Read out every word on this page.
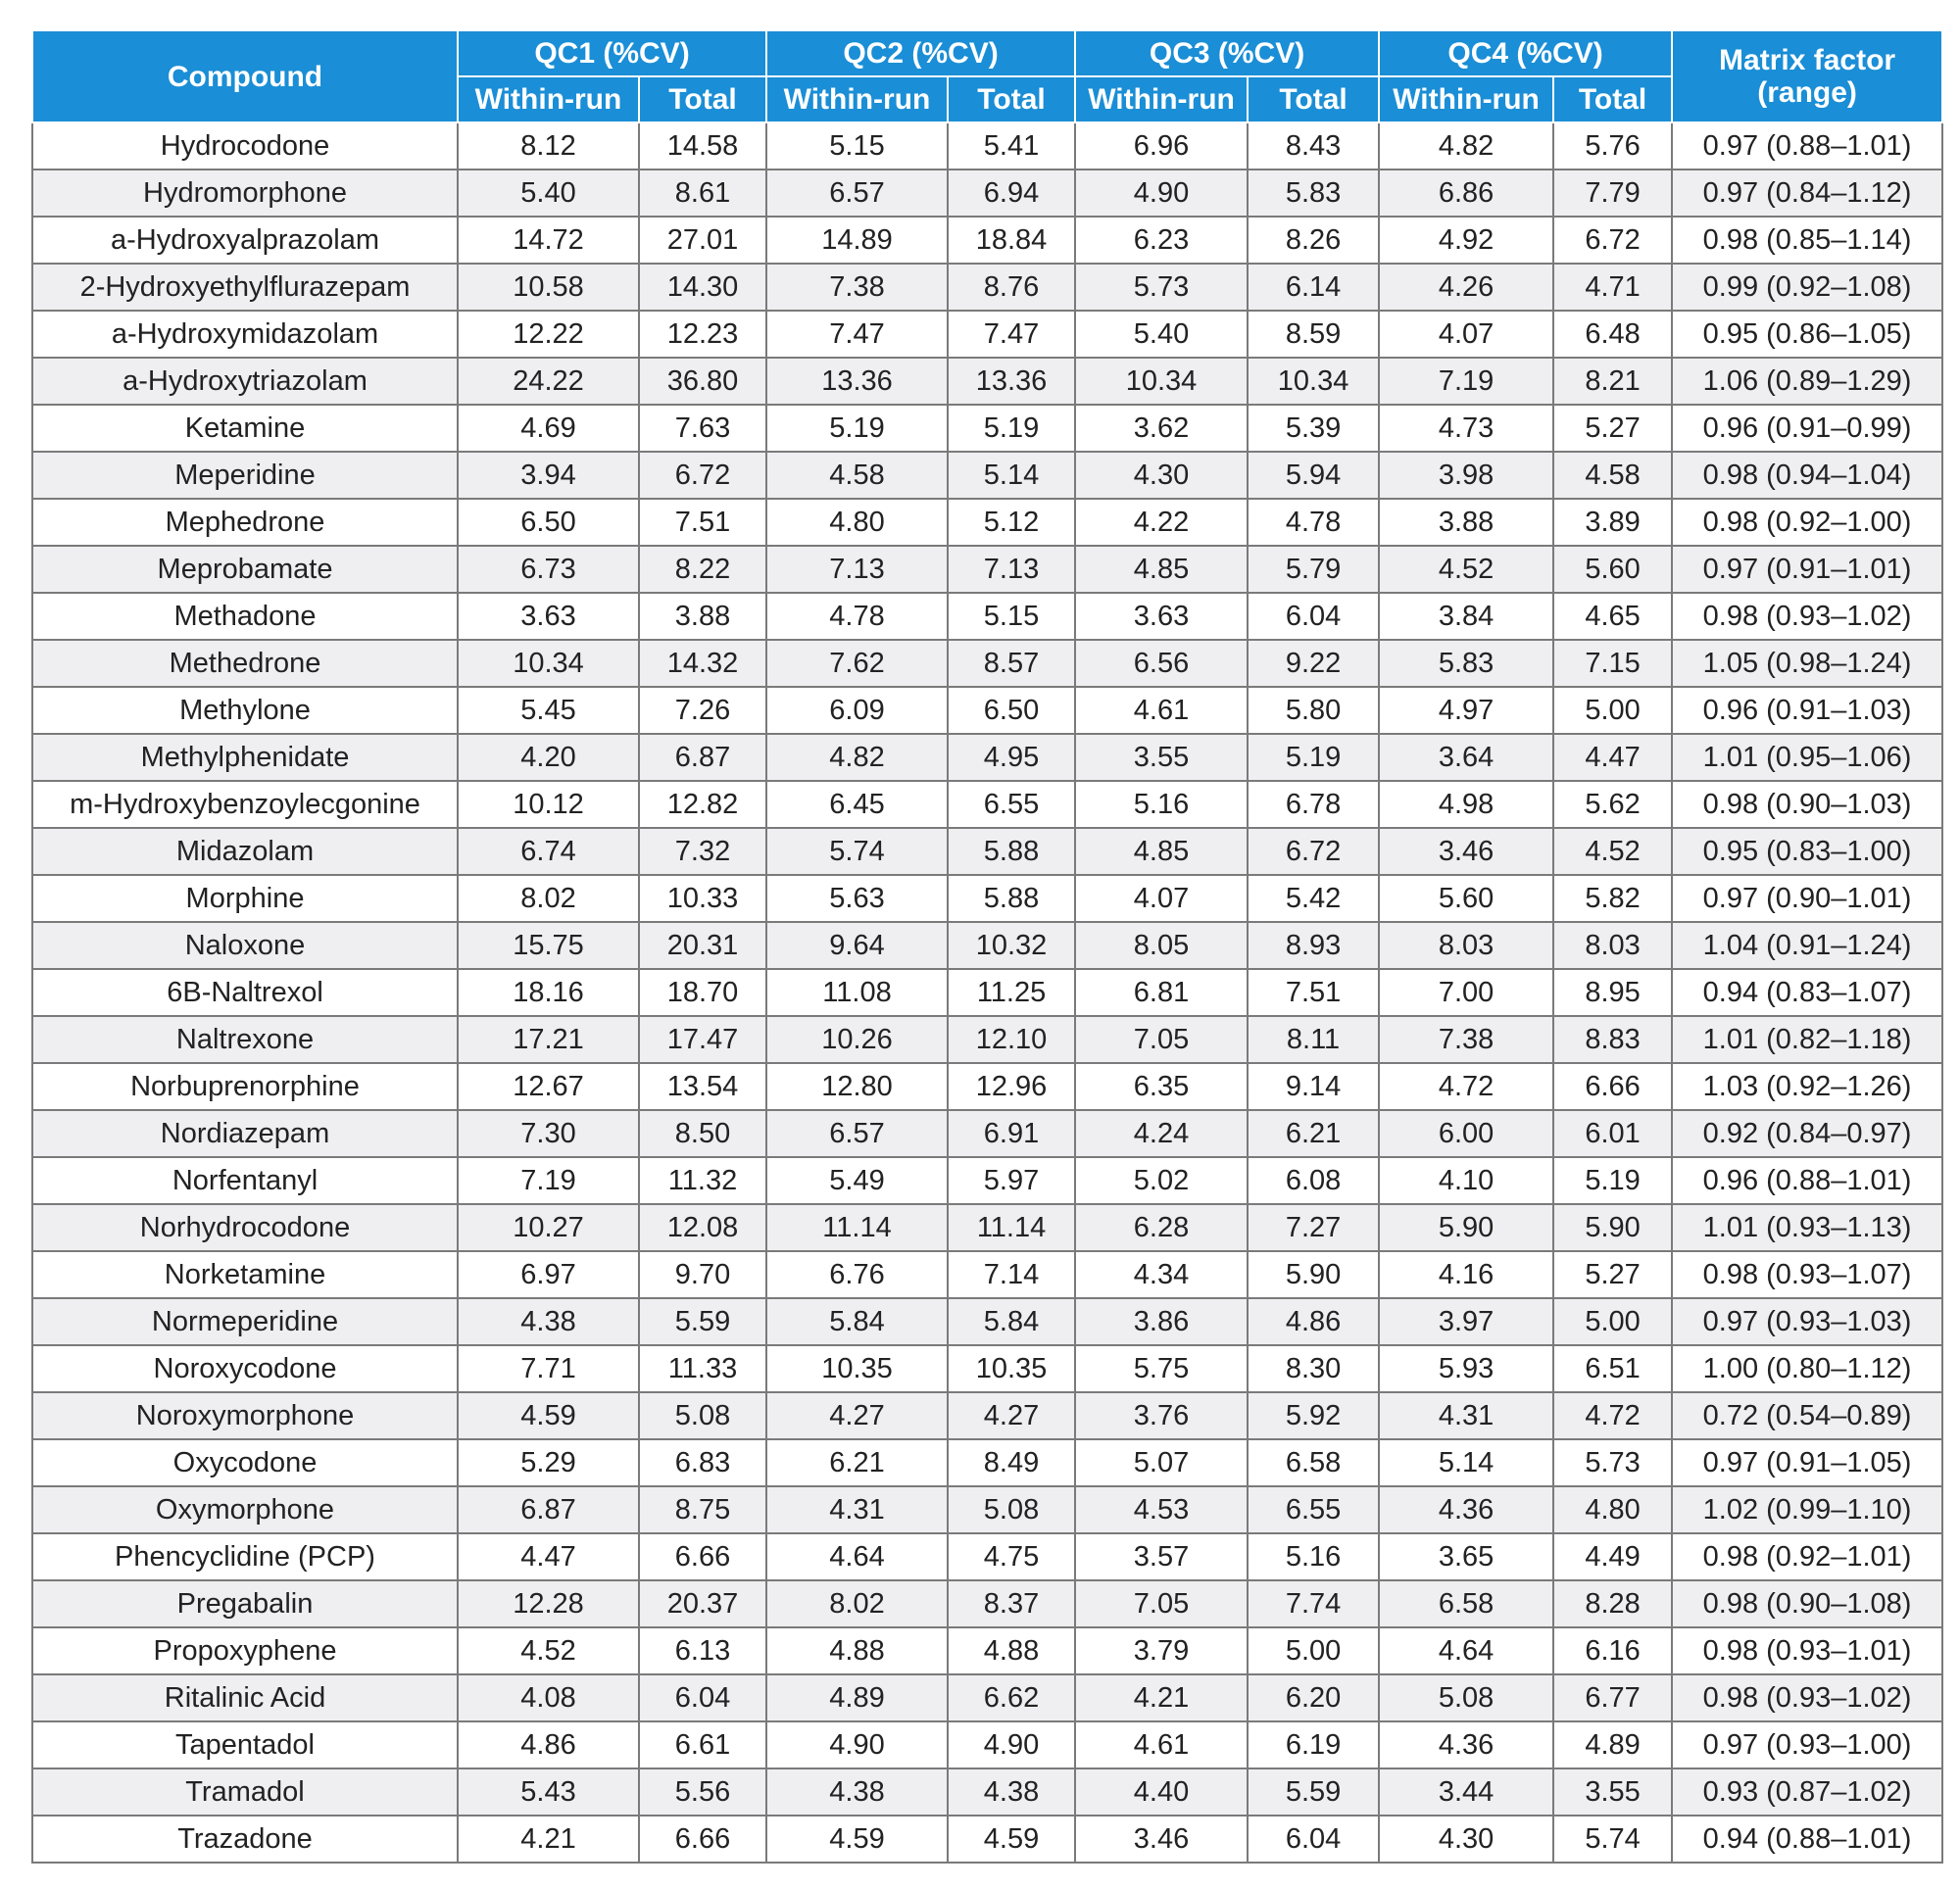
Compound	QC1 (%CV)		QC2 (%CV)		QC3 (%CV)		QC4 (%CV)		Matrix factor
(range)
	Within-run	Total	Within-run	Total	Within-run	Total	Within-run	Total	
Hydrocodone	8.12	14.58	5.15	5.41	6.96	8.43	4.82	5.76	0.97 (0.88–1.01)
Hydromorphone	5.40	8.61	6.57	6.94	4.90	5.83	6.86	7.79	0.97 (0.84–1.12)
a-Hydroxyalprazolam	14.72	27.01	14.89	18.84	6.23	8.26	4.92	6.72	0.98 (0.85–1.14)
2-Hydroxyethylflurazepam	10.58	14.30	7.38	8.76	5.73	6.14	4.26	4.71	0.99 (0.92–1.08)
a-Hydroxymidazolam	12.22	12.23	7.47	7.47	5.40	8.59	4.07	6.48	0.95 (0.86–1.05)
a-Hydroxytriazolam	24.22	36.80	13.36	13.36	10.34	10.34	7.19	8.21	1.06 (0.89–1.29)
Ketamine	4.69	7.63	5.19	5.19	3.62	5.39	4.73	5.27	0.96 (0.91–0.99)
Meperidine	3.94	6.72	4.58	5.14	4.30	5.94	3.98	4.58	0.98 (0.94–1.04)
Mephedrone	6.50	7.51	4.80	5.12	4.22	4.78	3.88	3.89	0.98 (0.92–1.00)
Meprobamate	6.73	8.22	7.13	7.13	4.85	5.79	4.52	5.60	0.97 (0.91–1.01)
Methadone	3.63	3.88	4.78	5.15	3.63	6.04	3.84	4.65	0.98 (0.93–1.02)
Methedrone	10.34	14.32	7.62	8.57	6.56	9.22	5.83	7.15	1.05 (0.98–1.24)
Methylone	5.45	7.26	6.09	6.50	4.61	5.80	4.97	5.00	0.96 (0.91–1.03)
Methylphenidate	4.20	6.87	4.82	4.95	3.55	5.19	3.64	4.47	1.01 (0.95–1.06)
m-Hydroxybenzoylecgonine	10.12	12.82	6.45	6.55	5.16	6.78	4.98	5.62	0.98 (0.90–1.03)
Midazolam	6.74	7.32	5.74	5.88	4.85	6.72	3.46	4.52	0.95 (0.83–1.00)
Morphine	8.02	10.33	5.63	5.88	4.07	5.42	5.60	5.82	0.97 (0.90–1.01)
Naloxone	15.75	20.31	9.64	10.32	8.05	8.93	8.03	8.03	1.04 (0.91–1.24)
6B-Naltrexol	18.16	18.70	11.08	11.25	6.81	7.51	7.00	8.95	0.94 (0.83–1.07)
Naltrexone	17.21	17.47	10.26	12.10	7.05	8.11	7.38	8.83	1.01 (0.82–1.18)
Norbuprenorphine	12.67	13.54	12.80	12.96	6.35	9.14	4.72	6.66	1.03 (0.92–1.26)
Nordiazepam	7.30	8.50	6.57	6.91	4.24	6.21	6.00	6.01	0.92 (0.84–0.97)
Norfentanyl	7.19	11.32	5.49	5.97	5.02	6.08	4.10	5.19	0.96 (0.88–1.01)
Norhydrocodone	10.27	12.08	11.14	11.14	6.28	7.27	5.90	5.90	1.01 (0.93–1.13)
Norketamine	6.97	9.70	6.76	7.14	4.34	5.90	4.16	5.27	0.98 (0.93–1.07)
Normeperidine	4.38	5.59	5.84	5.84	3.86	4.86	3.97	5.00	0.97 (0.93–1.03)
Noroxycodone	7.71	11.33	10.35	10.35	5.75	8.30	5.93	6.51	1.00 (0.80–1.12)
Noroxymorphone	4.59	5.08	4.27	4.27	3.76	5.92	4.31	4.72	0.72 (0.54–0.89)
Oxycodone	5.29	6.83	6.21	8.49	5.07	6.58	5.14	5.73	0.97 (0.91–1.05)
Oxymorphone	6.87	8.75	4.31	5.08	4.53	6.55	4.36	4.80	1.02 (0.99–1.10)
Phencyclidine (PCP)	4.47	6.66	4.64	4.75	3.57	5.16	3.65	4.49	0.98 (0.92–1.01)
Pregabalin	12.28	20.37	8.02	8.37	7.05	7.74	6.58	8.28	0.98 (0.90–1.08)
Propoxyphene	4.52	6.13	4.88	4.88	3.79	5.00	4.64	6.16	0.98 (0.93–1.01)
Ritalinic Acid	4.08	6.04	4.89	6.62	4.21	6.20	5.08	6.77	0.98 (0.93–1.02)
Tapentadol	4.86	6.61	4.90	4.90	4.61	6.19	4.36	4.89	0.97 (0.93–1.00)
Tramadol	5.43	5.56	4.38	4.38	4.40	5.59	3.44	3.55	0.93 (0.87–1.02)
Trazadone	4.21	6.66	4.59	4.59	3.46	6.04	4.30	5.74	0.94 (0.88–1.01)
